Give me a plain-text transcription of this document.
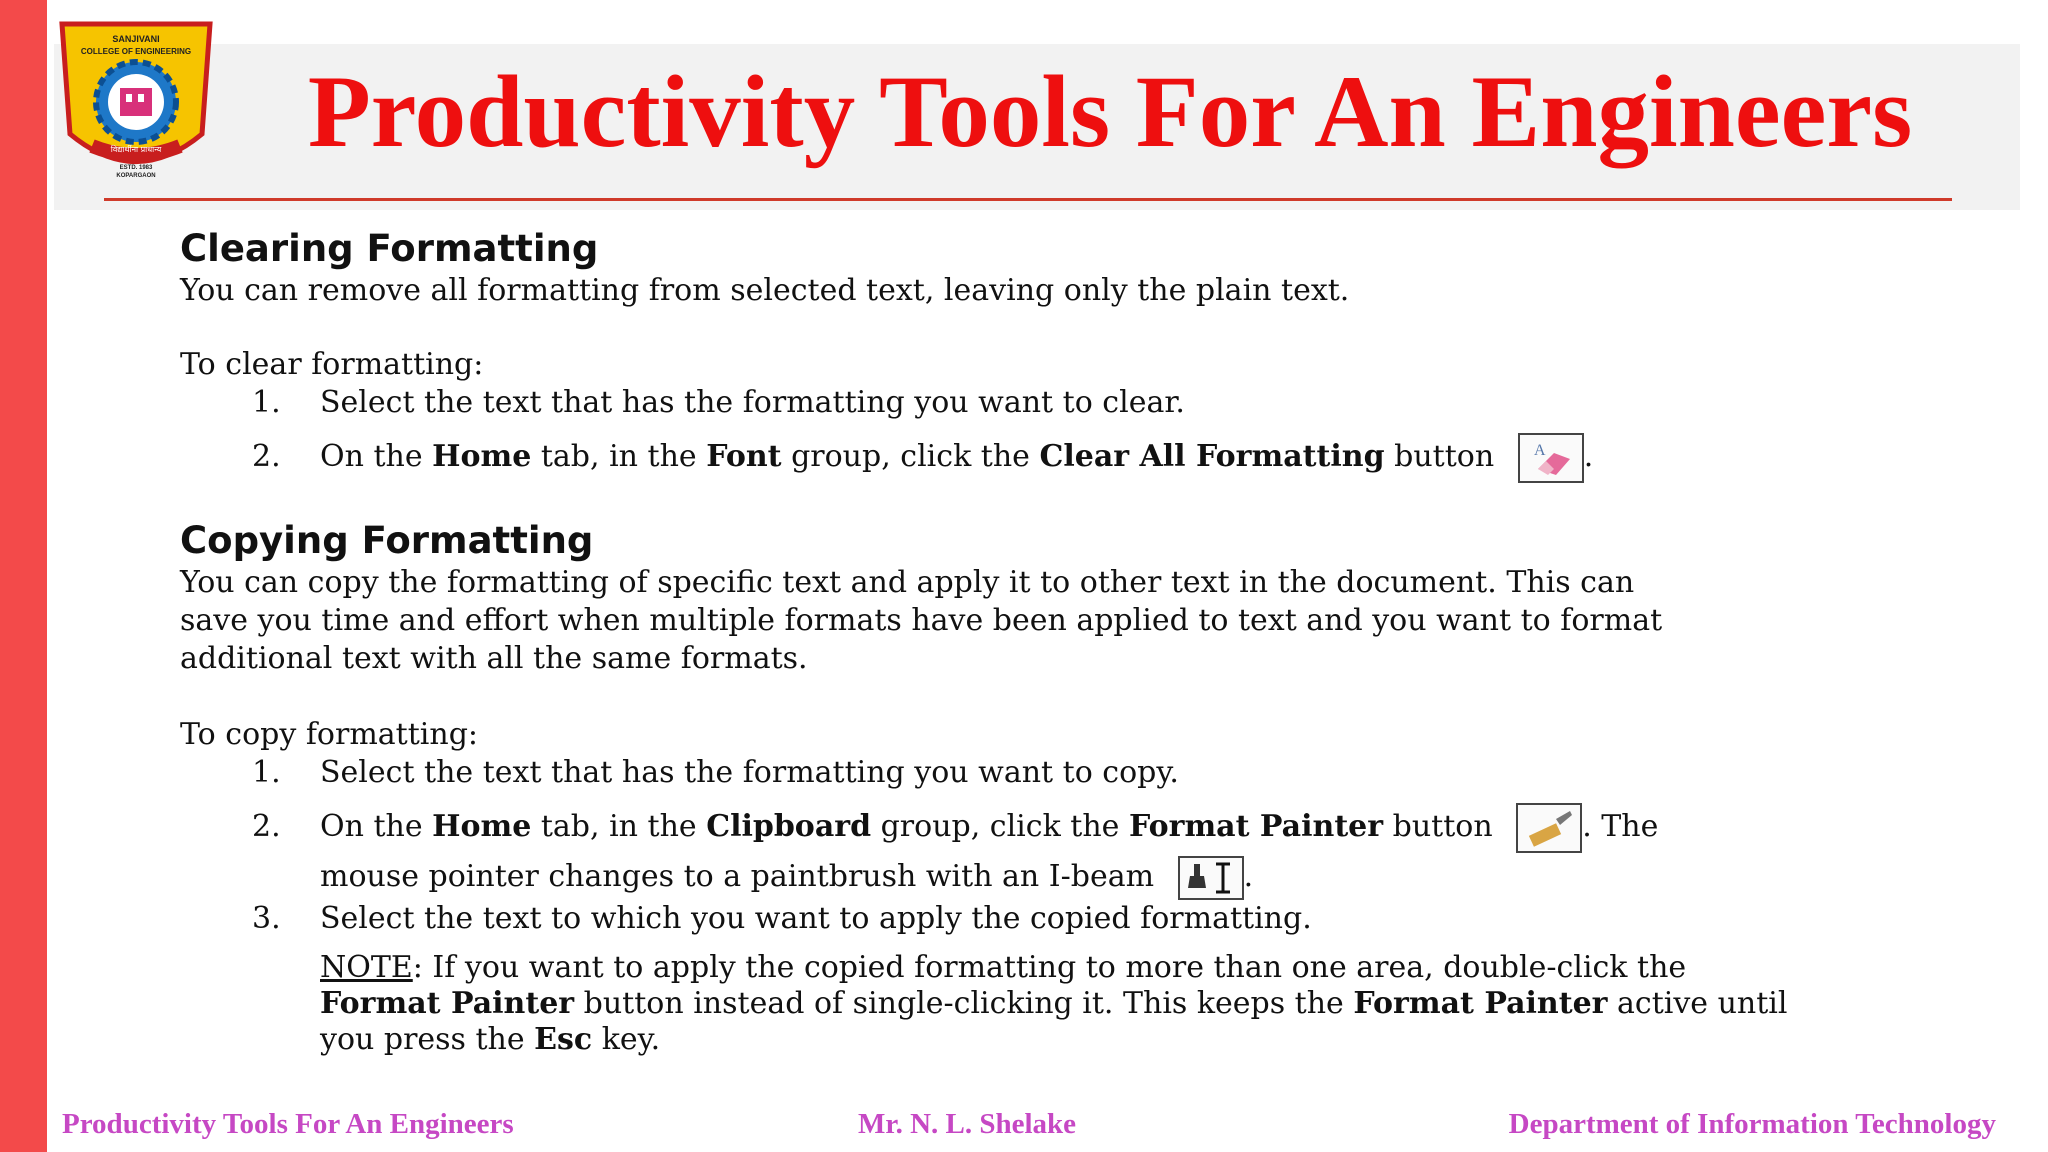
SANJIVANI
COLLEGE OF ENGINEERING
विद्यार्थीना प्राधान्य
ESTD. 1983
KOPARGAON
Productivity Tools For An Engineers
Clearing Formatting

You can remove all formatting from selected text, leaving only the plain text.

To clear formatting:

1. Select the text that has the formatting you want to clear.
2. On the Home tab, in the Font group, click the Clear All Formatting button A .
Copying Formatting

You can copy the formatting of specific text and apply it to other text in the document. This can

save you time and effort when multiple formats have been applied to text and you want to format

additional text with all the same formats.

To copy formatting:

1. Select the text that has the formatting you want to copy.
2. On the Home tab, in the Clipboard group, click the Format Painter button	. The
mouse pointer changes to a paintbrush with an I-beam	.
3. Select the text to which you want to apply the copied formatting.
NOTE: If you want to apply the copied formatting to more than one area, double-click the
Format Painter button instead of single-clicking it. This keeps the Format Painter active until
you press the Esc key.
Productivity Tools For An Engineers	Mr. N. L. Shelake	Department of Information Technology
